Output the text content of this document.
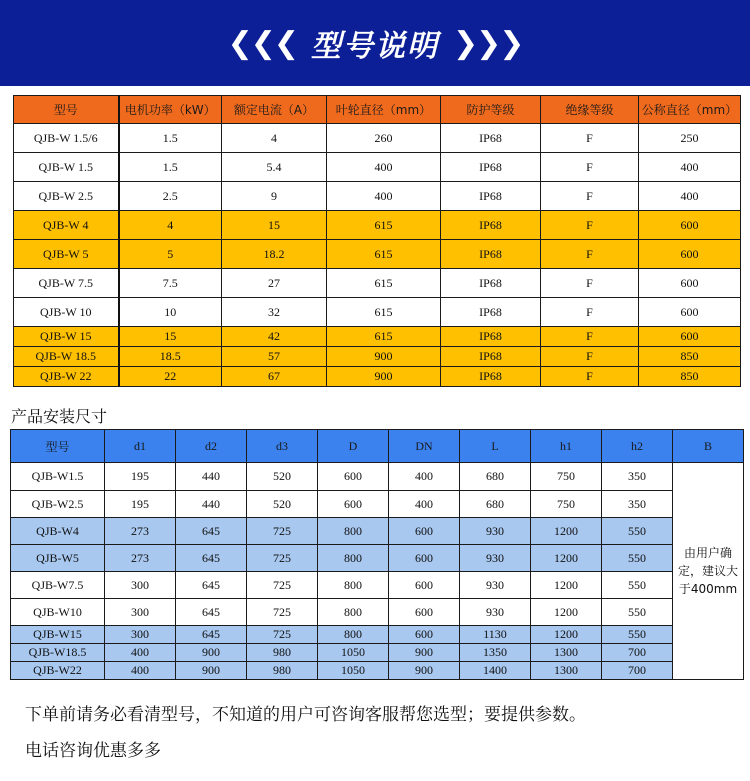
❮❮❮ 型号说明 ❯❯❯
型号	电机功率（kW）	额定电流（A）	叶轮直径（mm）	防护等级	绝缘等级	公称直径（mm）
QJB-W 1.5/6	1.5	4	260	IP68	F	250
QJB-W 1.5	1.5	5.4	400	IP68	F	400
QJB-W 2.5	2.5	9	400	IP68	F	400
QJB-W 4	4	15	615	IP68	F	600
QJB-W 5	5	18.2	615	IP68	F	600
QJB-W 7.5	7.5	27	615	IP68	F	600
QJB-W 10	10	32	615	IP68	F	600
QJB-W 15	15	42	615	IP68	F	600
QJB-W 18.5	18.5	57	900	IP68	F	850
QJB-W 22	22	67	900	IP68	F	850
产品安装尺寸
型号	d1	d2	d3	D	DN	L	h1	h2	B
QJB-W1.5	195	440	520	600	400	680	750	350	由用户确定，建议大于400mm
QJB-W2.5	195	440	520	600	400	680	750	350	
QJB-W4	273	645	725	800	600	930	1200	550	
QJB-W5	273	645	725	800	600	930	1200	550	
QJB-W7.5	300	645	725	800	600	930	1200	550	
QJB-W10	300	645	725	800	600	930	1200	550	
QJB-W15	300	645	725	800	600	1130	1200	550	
QJB-W18.5	400	900	980	1050	900	1350	1300	700	
QJB-W22	400	900	980	1050	900	1400	1300	700	
下单前请务必看清型号，不知道的用户可咨询客服帮您选型；要提供参数。
电话咨询优惠多多
